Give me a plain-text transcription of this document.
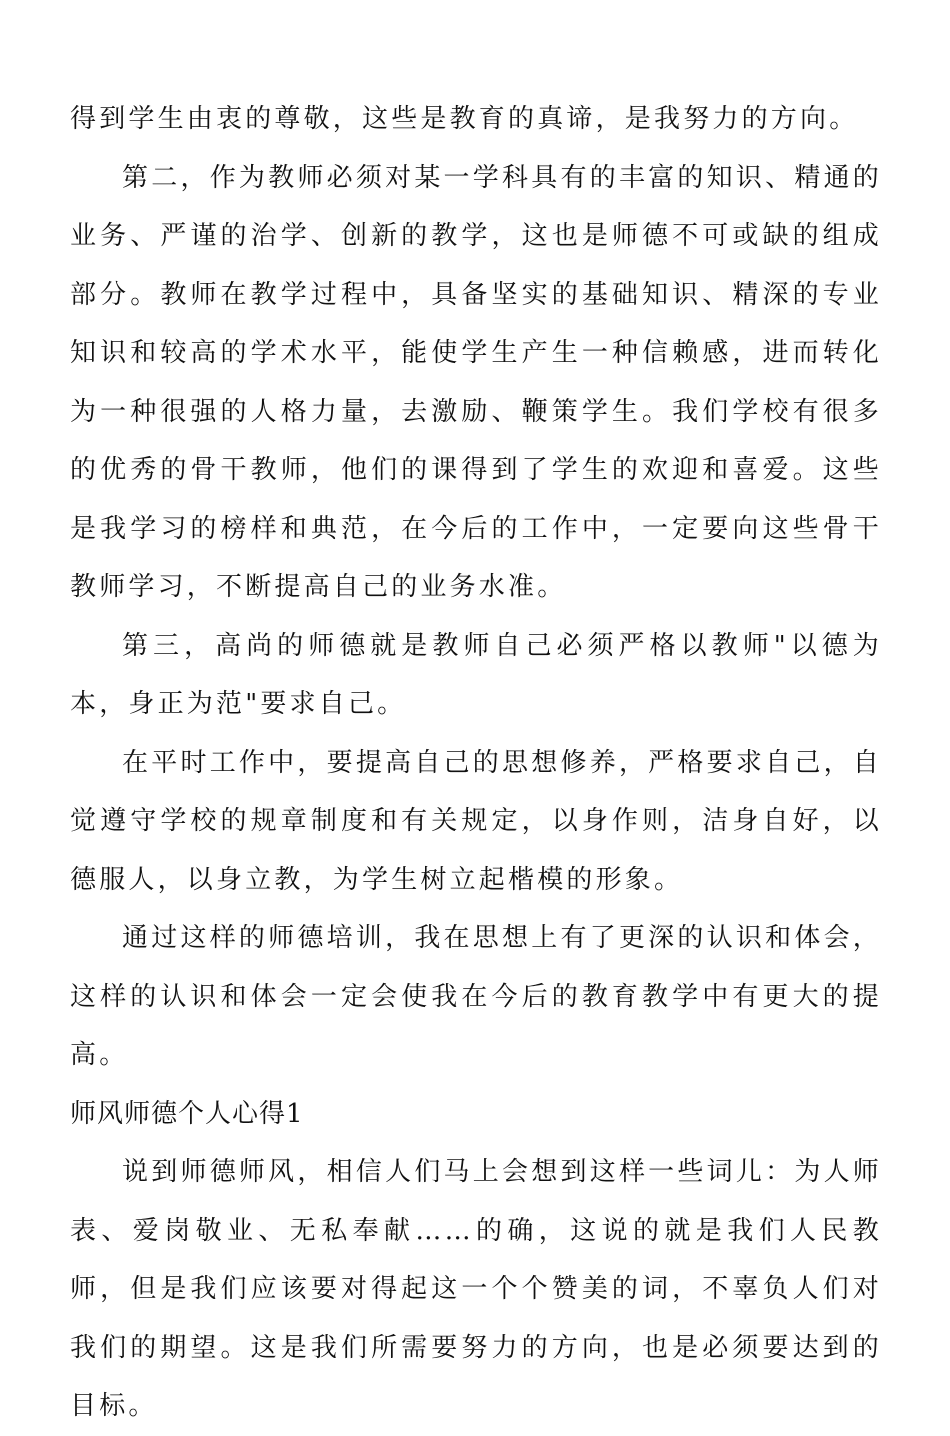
得到学生由衷的尊敬，这些是教育的真谛，是我努力的方向。

第二，作为教师必须对某一学科具有的丰富的知识、精通的业务、严谨的治学、创新的教学，这也是师德不可或缺的组成部分。教师在教学过程中，具备坚实的基础知识、精深的专业知识和较高的学术水平，能使学生产生一种信赖感，进而转化为一种很强的人格力量，去激励、鞭策学生。我们学校有很多的优秀的骨干教师，他们的课得到了学生的欢迎和喜爱。这些是我学习的榜样和典范，在今后的工作中，一定要向这些骨干教师学习，不断提高自己的业务水准。

第三，高尚的师德就是教师自己必须严格以教师"以德为本，身正为范"要求自己。

在平时工作中，要提高自己的思想修养，严格要求自己，自觉遵守学校的规章制度和有关规定，以身作则，洁身自好，以德服人，以身立教，为学生树立起楷模的形象。

通过这样的师德培训，我在思想上有了更深的认识和体会，这样的认识和体会一定会使我在今后的教育教学中有更大的提高。

师风师德个人心得1

说到师德师风，相信人们马上会想到这样一些词儿：为人师表、爱岗敬业、无私奉献……的确，这说的就是我们人民教师，但是我们应该要对得起这一个个赞美的词，不辜负人们对我们的期望。这是我们所需要努力的方向，也是必须要达到的目标。
